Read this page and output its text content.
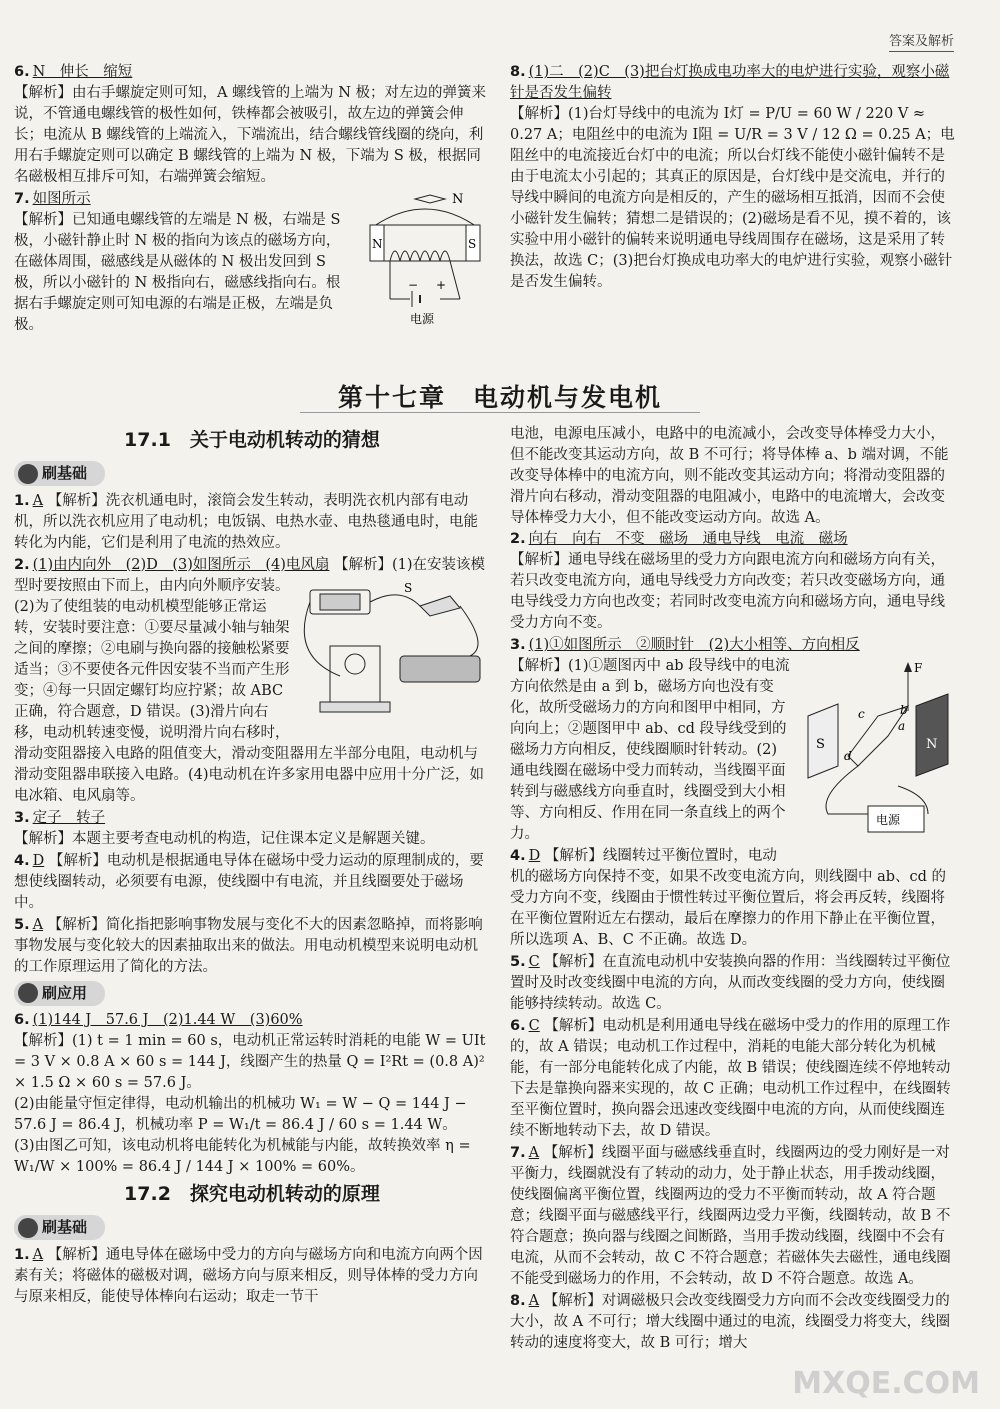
答案及解析
6. N　伸长　缩短
【解析】由右手螺旋定则可知，A 螺线管的上端为 N 极；对左边的弹簧来说，不管通电螺线管的极性如何，铁棒都会被吸引，故左边的弹簧会伸长；电流从 B 螺线管的上端流入，下端流出，结合螺线管线圈的绕向，利用右手螺旋定则可以确定 B 螺线管的上端为 N 极，下端为 S 极，根据同名磁极相互排斥可知，右端弹簧会缩短。
7. 如图所示	N
N	S
− +
电源
【解析】已知通电螺线管的左端是 N 极，右端是 S 极，小磁针静止时 N 极的指向为该点的磁场方向，在磁体周围，磁感线是从磁体的 N 极出发回到 S 极，所以小磁针的 N 极指向右，磁感线指向右。根据右手螺旋定则可知电源的右端是正极，左端是负极。
第十七章　电动机与发电机
17.1　关于电动机转动的猜想
刷基础
1. A 【解析】洗衣机通电时，滚筒会发生转动，表明洗衣机内部有电动机，所以洗衣机应用了电动机；电饭锅、电热水壶、电热毯通电时，电能转化为内能，它们是利用了电流的热效应。
2. (1)由内向外　(2)D　(3)如图所示　(4)电风扇
S
【解析】(1)在安装该模型时要按照由下而上，由内向外顺序安装。(2)为了使组装的电动机模型能够正常运转，安装时要注意：①要尽量减小轴与轴架之间的摩擦；②电刷与换向器的接触松紧要适当；③不要使各元件因安装不当而产生形变；④每一只固定螺钉均应拧紧；故 ABC 正确，符合题意，D 错误。(3)滑片向右移，电动机转速变慢，说明滑片向右移时，滑动变阻器接入电路的阻值变大，滑动变阻器用左半部分电阻，电动机与滑动变阻器串联接入电路。(4)电动机在许多家用电器中应用十分广泛，如电冰箱、电风扇等。
3. 定子　转子
【解析】本题主要考查电动机的构造，记住课本定义是解题关键。
4. D 【解析】电动机是根据通电导体在磁场中受力运动的原理制成的，要想使线圈转动，必须要有电源，使线圈中有电流，并且线圈要处于磁场中。
5. A 【解析】简化指把影响事物发展与变化不大的因素忽略掉，而将影响事物发展与变化较大的因素抽取出来的做法。用电动机模型来说明电动机的工作原理运用了简化的方法。
刷应用
6. (1)144 J　57.6 J　(2)1.44 W　(3)60%
【解析】(1) t = 1 min = 60 s，电动机正常运转时消耗的电能 W = UIt = 3 V × 0.8 A × 60 s = 144 J，线圈产生的热量 Q = I²Rt = (0.8 A)² × 1.5 Ω × 60 s = 57.6 J。
(2)由能量守恒定律得，电动机输出的机械功 W₁ = W − Q = 144 J − 57.6 J = 86.4 J，机械功率 P = W₁/t = 86.4 J / 60 s = 1.44 W。
(3)由图乙可知，该电动机将电能转化为机械能与内能，故转换效率 η = W₁/W × 100% = 86.4 J / 144 J × 100% = 60%。
17.2　探究电动机转动的原理
刷基础
1. A 【解析】通电导体在磁场中受力的方向与磁场方向和电流方向两个因素有关；将磁体的磁极对调，磁场方向与原来相反，则导体棒的受力方向与原来相反，能使导体棒向右运动；取走一节干
8. (1)二　(2)C　(3)把台灯换成电功率大的电炉进行实验，观察小磁针是否发生偏转
【解析】(1)台灯导线中的电流为 I灯 = P/U = 60 W / 220 V ≈ 0.27 A；电阻丝中的电流为 I阻 = U/R = 3 V / 12 Ω = 0.25 A；电阻丝中的电流接近台灯中的电流；所以台灯线不能使小磁针偏转不是由于电流太小引起的；其真正的原因是，台灯线中是交流电，并行的导线中瞬间的电流方向是相反的，产生的磁场相互抵消，因而不会使小磁针发生偏转；猜想二是错误的；(2)磁场是看不见，摸不着的，该实验中用小磁针的偏转来说明通电导线周围存在磁场，这是采用了转换法，故选 C；(3)把台灯换成电功率大的电炉进行实验，观察小磁针是否发生偏转。
电池，电源电压减小，电路中的电流减小，会改变导体棒受力大小，但不能改变其运动方向，故 B 不可行；将导体棒 a、b 端对调，不能改变导体棒中的电流方向，则不能改变其运动方向；将滑动变阻器的滑片向右移动，滑动变阻器的电阻减小，电路中的电流增大，会改变导体棒受力大小，但不能改变运动方向。故选 A。
2. 向右　向右　不变　磁场　通电导线　电流　磁场
【解析】通电导线在磁场里的受力方向跟电流方向和磁场方向有关，若只改变电流方向，通电导线受力方向改变；若只改变磁场方向，通电导线受力方向也改变；若同时改变电流方向和磁场方向，通电导线受力方向不变。
3. (1)①如图所示　②顺时针　(2)大小相等、方向相反
F
S	N
c	b
a
d
电源
【解析】(1)①题图丙中 ab 段导线中的电流方向依然是由 a 到 b，磁场方向也没有变化，故所受磁场力的方向和图甲中相同，方向向上；②题图甲中 ab、cd 段导线受到的磁场力方向相反，使线圈顺时针转动。(2)通电线圈在磁场中受力而转动，当线圈平面转到与磁感线方向垂直时，线圈受到大小相等、方向相反、作用在同一条直线上的两个力。
4. D 【解析】线圈转过平衡位置时，电动机的磁场方向保持不变，如果不改变电流方向，则线圈中 ab、cd 的受力方向不变，线圈由于惯性转过平衡位置后，将会再反转，线圈将在平衡位置附近左右摆动，最后在摩擦力的作用下静止在平衡位置，所以选项 A、B、C 不正确。故选 D。
5. C 【解析】在直流电动机中安装换向器的作用：当线圈转过平衡位置时及时改变线圈中电流的方向，从而改变线圈的受力方向，使线圈能够持续转动。故选 C。
6. C 【解析】电动机是利用通电导线在磁场中受力的作用的原理工作的，故 A 错误；电动机工作过程中，消耗的电能大部分转化为机械能，有一部分电能转化成了内能，故 B 错误；使线圈连续不停地转动下去是靠换向器来实现的，故 C 正确；电动机工作过程中，在线圈转至平衡位置时，换向器会迅速改变线圈中电流的方向，从而使线圈连续不断地转动下去，故 D 错误。
7. A 【解析】线圈平面与磁感线垂直时，线圈两边的受力刚好是一对平衡力，线圈就没有了转动的动力，处于静止状态，用手拨动线圈，使线圈偏离平衡位置，线圈两边的受力不平衡而转动，故 A 符合题意；线圈平面与磁感线平行，线圈两边受力平衡，线圈转动，故 B 不符合题意；换向器与线圈之间断路，当用手拨动线圈，线圈中不会有电流，从而不会转动，故 C 不符合题意；若磁体失去磁性，通电线圈不能受到磁场力的作用，不会转动，故 D 不符合题意。故选 A。
8. A 【解析】对调磁极只会改变线圈受力方向而不会改变线圈受力的大小，故 A 不可行；增大线圈中通过的电流，线圈受力将变大，线圈转动的速度将变大，故 B 可行；增大
MXQE.COM
